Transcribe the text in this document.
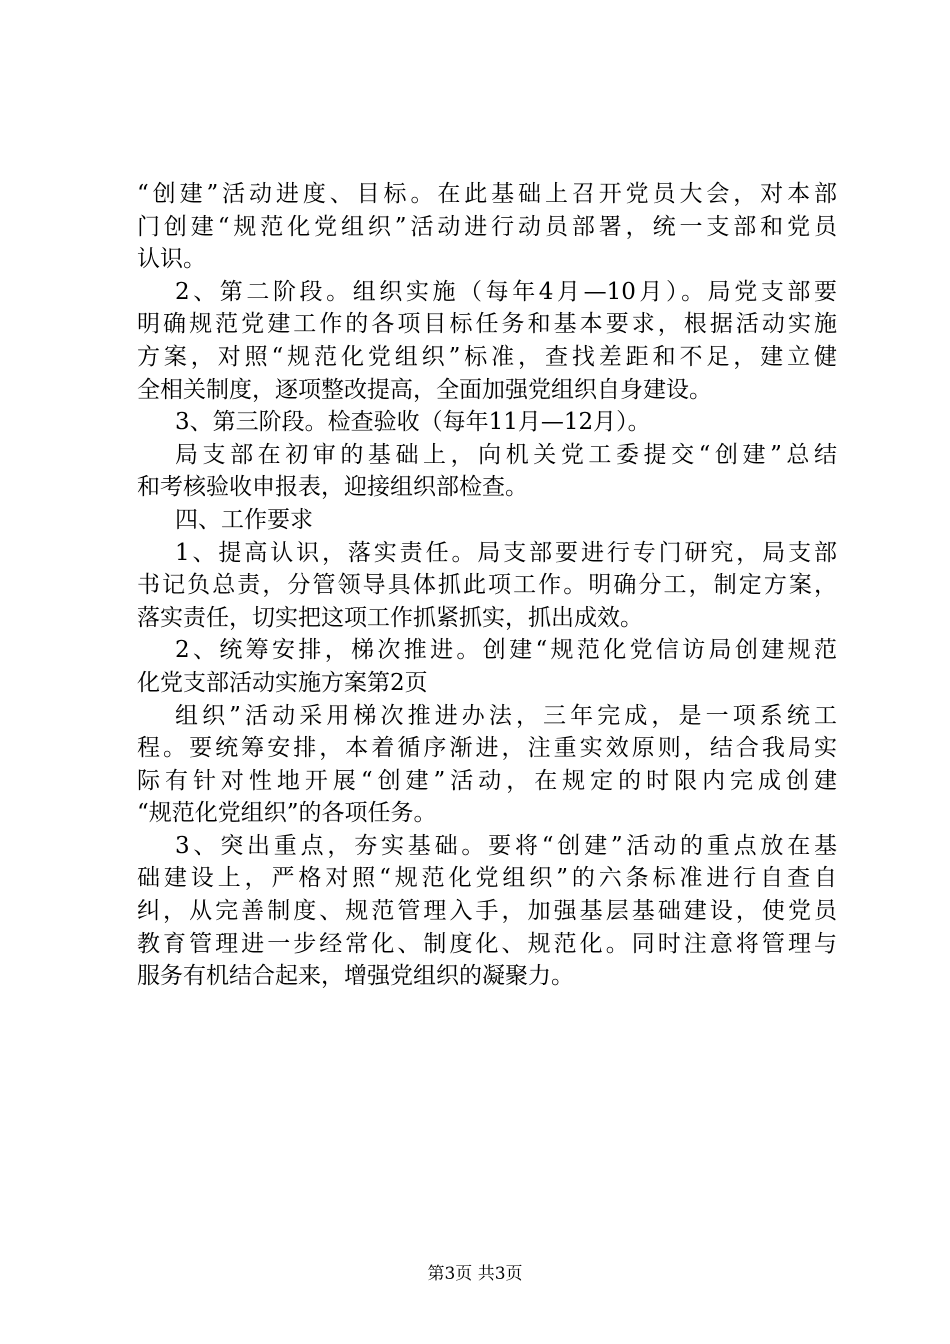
“创建”活动进度、目标。在此基础上召开党员大会，对本部
门创建“规范化党组织”活动进行动员部署，统一支部和党员
认识。
2、第二阶段。组织实施（每年4月—10月）。局党支部要
明确规范党建工作的各项目标任务和基本要求，根据活动实施
方案，对照“规范化党组织”标准，查找差距和不足，建立健
全相关制度，逐项整改提高，全面加强党组织自身建设。
3、第三阶段。检查验收（每年11月—12月）。
局支部在初审的基础上，向机关党工委提交“创建”总结
和考核验收申报表，迎接组织部检查。
四、工作要求
1、提高认识，落实责任。局支部要进行专门研究，局支部
书记负总责，分管领导具体抓此项工作。明确分工，制定方案，
落实责任，切实把这项工作抓紧抓实，抓出成效。
2、统筹安排，梯次推进。创建“规范化党信访局创建规范
化党支部活动实施方案第2页
组织”活动采用梯次推进办法，三年完成，是一项系统工
程。要统筹安排，本着循序渐进，注重实效原则，结合我局实
际有针对性地开展“创建”活动，在规定的时限内完成创建
“规范化党组织”的各项任务。
3、突出重点，夯实基础。要将“创建”活动的重点放在基
础建设上，严格对照“规范化党组织”的六条标准进行自查自
纠，从完善制度、规范管理入手，加强基层基础建设，使党员
教育管理进一步经常化、制度化、规范化。同时注意将管理与
服务有机结合起来，增强党组织的凝聚力。
第3页 共3页
